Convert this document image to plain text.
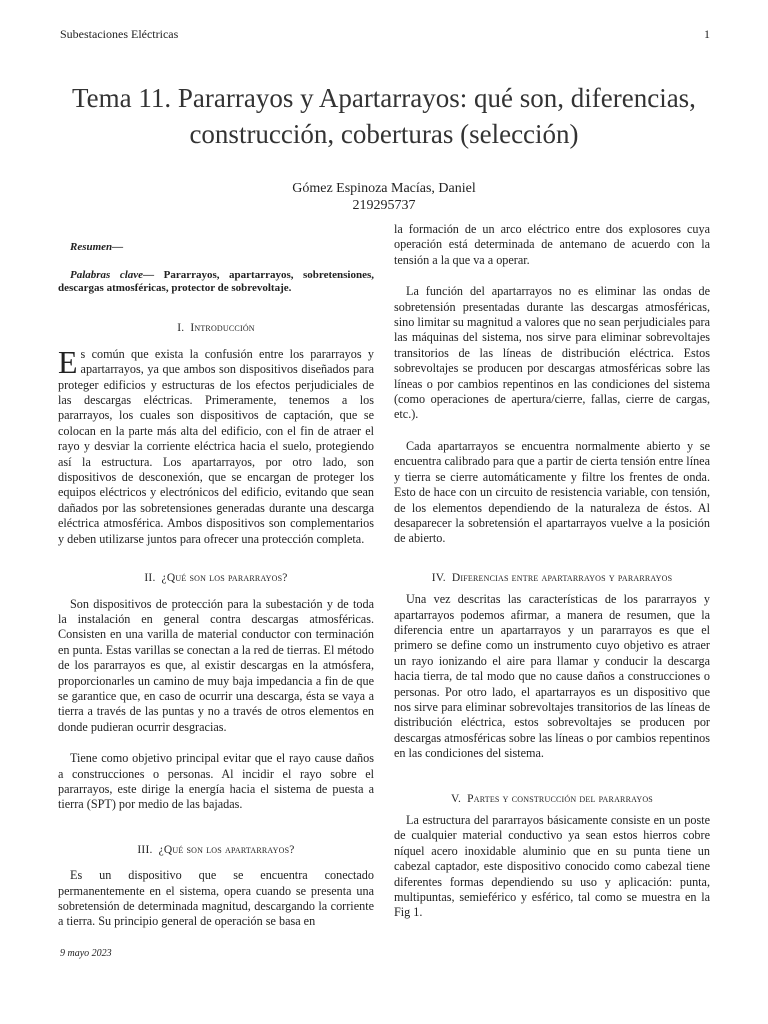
Subestaciones Eléctricas	1
Tema 11. Pararrayos y Apartarrayos: qué son, diferencias, construcción, coberturas (selección)
Gómez Espinoza Macías, Daniel
219295737

Resumen—

Palabras clave— Pararrayos, apartarrayos, sobretensiones, descargas atmosféricas, protector de sobrevoltaje.

I. Introducción

Es común que exista la confusión entre los pararrayos y apartarrayos, ya que ambos son dispositivos diseñados para proteger edificios y estructuras de los efectos perjudiciales de las descargas eléctricas. Primeramente, tenemos a los pararrayos, los cuales son dispositivos de captación, que se colocan en la parte más alta del edificio, con el fin de atraer el rayo y desviar la corriente eléctrica hacia el suelo, protegiendo así la estructura. Los apartarrayos, por otro lado, son dispositivos de desconexión, que se encargan de proteger los equipos eléctricos y electrónicos del edificio, evitando que sean dañados por las sobretensiones generadas durante una descarga eléctrica atmosférica. Ambos dispositivos son complementarios y deben utilizarse juntos para ofrecer una protección completa.

II. ¿Qué son los pararrayos?

Son dispositivos de protección para la subestación y de toda la instalación en general contra descargas atmosféricas. Consisten en una varilla de material conductor con terminación en punta. Estas varillas se conectan a la red de tierras. El método de los pararrayos es que, al existir descargas en la atmósfera, proporcionarles un camino de muy baja impedancia a fin de que se garantice que, en caso de ocurrir una descarga, ésta se vaya a tierra a través de las puntas y no a través de otros elementos en donde pudieran ocurrir desgracias.

Tiene como objetivo principal evitar que el rayo cause daños a construcciones o personas. Al incidir el rayo sobre el pararrayos, este dirige la energía hacia el sistema de puesta a tierra (SPT) por medio de las bajadas.

III. ¿Qué son los apartarrayos?

Es un dispositivo que se encuentra conectado permanentemente en el sistema, opera cuando se presenta una sobretensión de determinada magnitud, descargando la corriente a tierra. Su principio general de operación se basa en

la formación de un arco eléctrico entre dos explosores cuya operación está determinada de antemano de acuerdo con la tensión a la que va a operar.

La función del apartarrayos no es eliminar las ondas de sobretensión presentadas durante las descargas atmosféricas, sino limitar su magnitud a valores que no sean perjudiciales para las máquinas del sistema, nos sirve para eliminar sobrevoltajes transitorios de las líneas de distribución eléctrica. Estos sobrevoltajes se producen por descargas atmosféricas sobre las líneas o por cambios repentinos en las condiciones del sistema (como operaciones de apertura/cierre, fallas, cierre de cargas, etc.).

Cada apartarrayos se encuentra normalmente abierto y se encuentra calibrado para que a partir de cierta tensión entre línea y tierra se cierre automáticamente y filtre los frentes de onda. Esto de hace con un circuito de resistencia variable, con tensión, de los elementos dependiendo de la naturaleza de éstos. Al desaparecer la sobretensión el apartarrayos vuelve a la posición de abierto.

IV. Diferencias entre apartarrayos y pararrayos

Una vez descritas las características de los pararrayos y apartarrayos podemos afirmar, a manera de resumen, que la diferencia entre un apartarrayos y un pararrayos es que el primero se define como un instrumento cuyo objetivo es atraer un rayo ionizando el aire para llamar y conducir la descarga hacia tierra, de tal modo que no cause daños a construcciones o personas. Por otro lado, el apartarrayos es un dispositivo que nos sirve para eliminar sobrevoltajes transitorios de las líneas de distribución eléctrica, estos sobrevoltajes se producen por descargas atmosféricas sobre las líneas o por cambios repentinos en las condiciones del sistema.

V. Partes y construcción del pararrayos

La estructura del pararrayos básicamente consiste en un poste de cualquier material conductivo ya sean estos hierros cobre níquel acero inoxidable aluminio que en su punta tiene un cabezal captador, este dispositivo conocido como cabezal tiene diferentes formas dependiendo su uso y aplicación: punta, multipuntas, semieférico y esférico, tal como se muestra en la Fig 1.

9 mayo 2023
